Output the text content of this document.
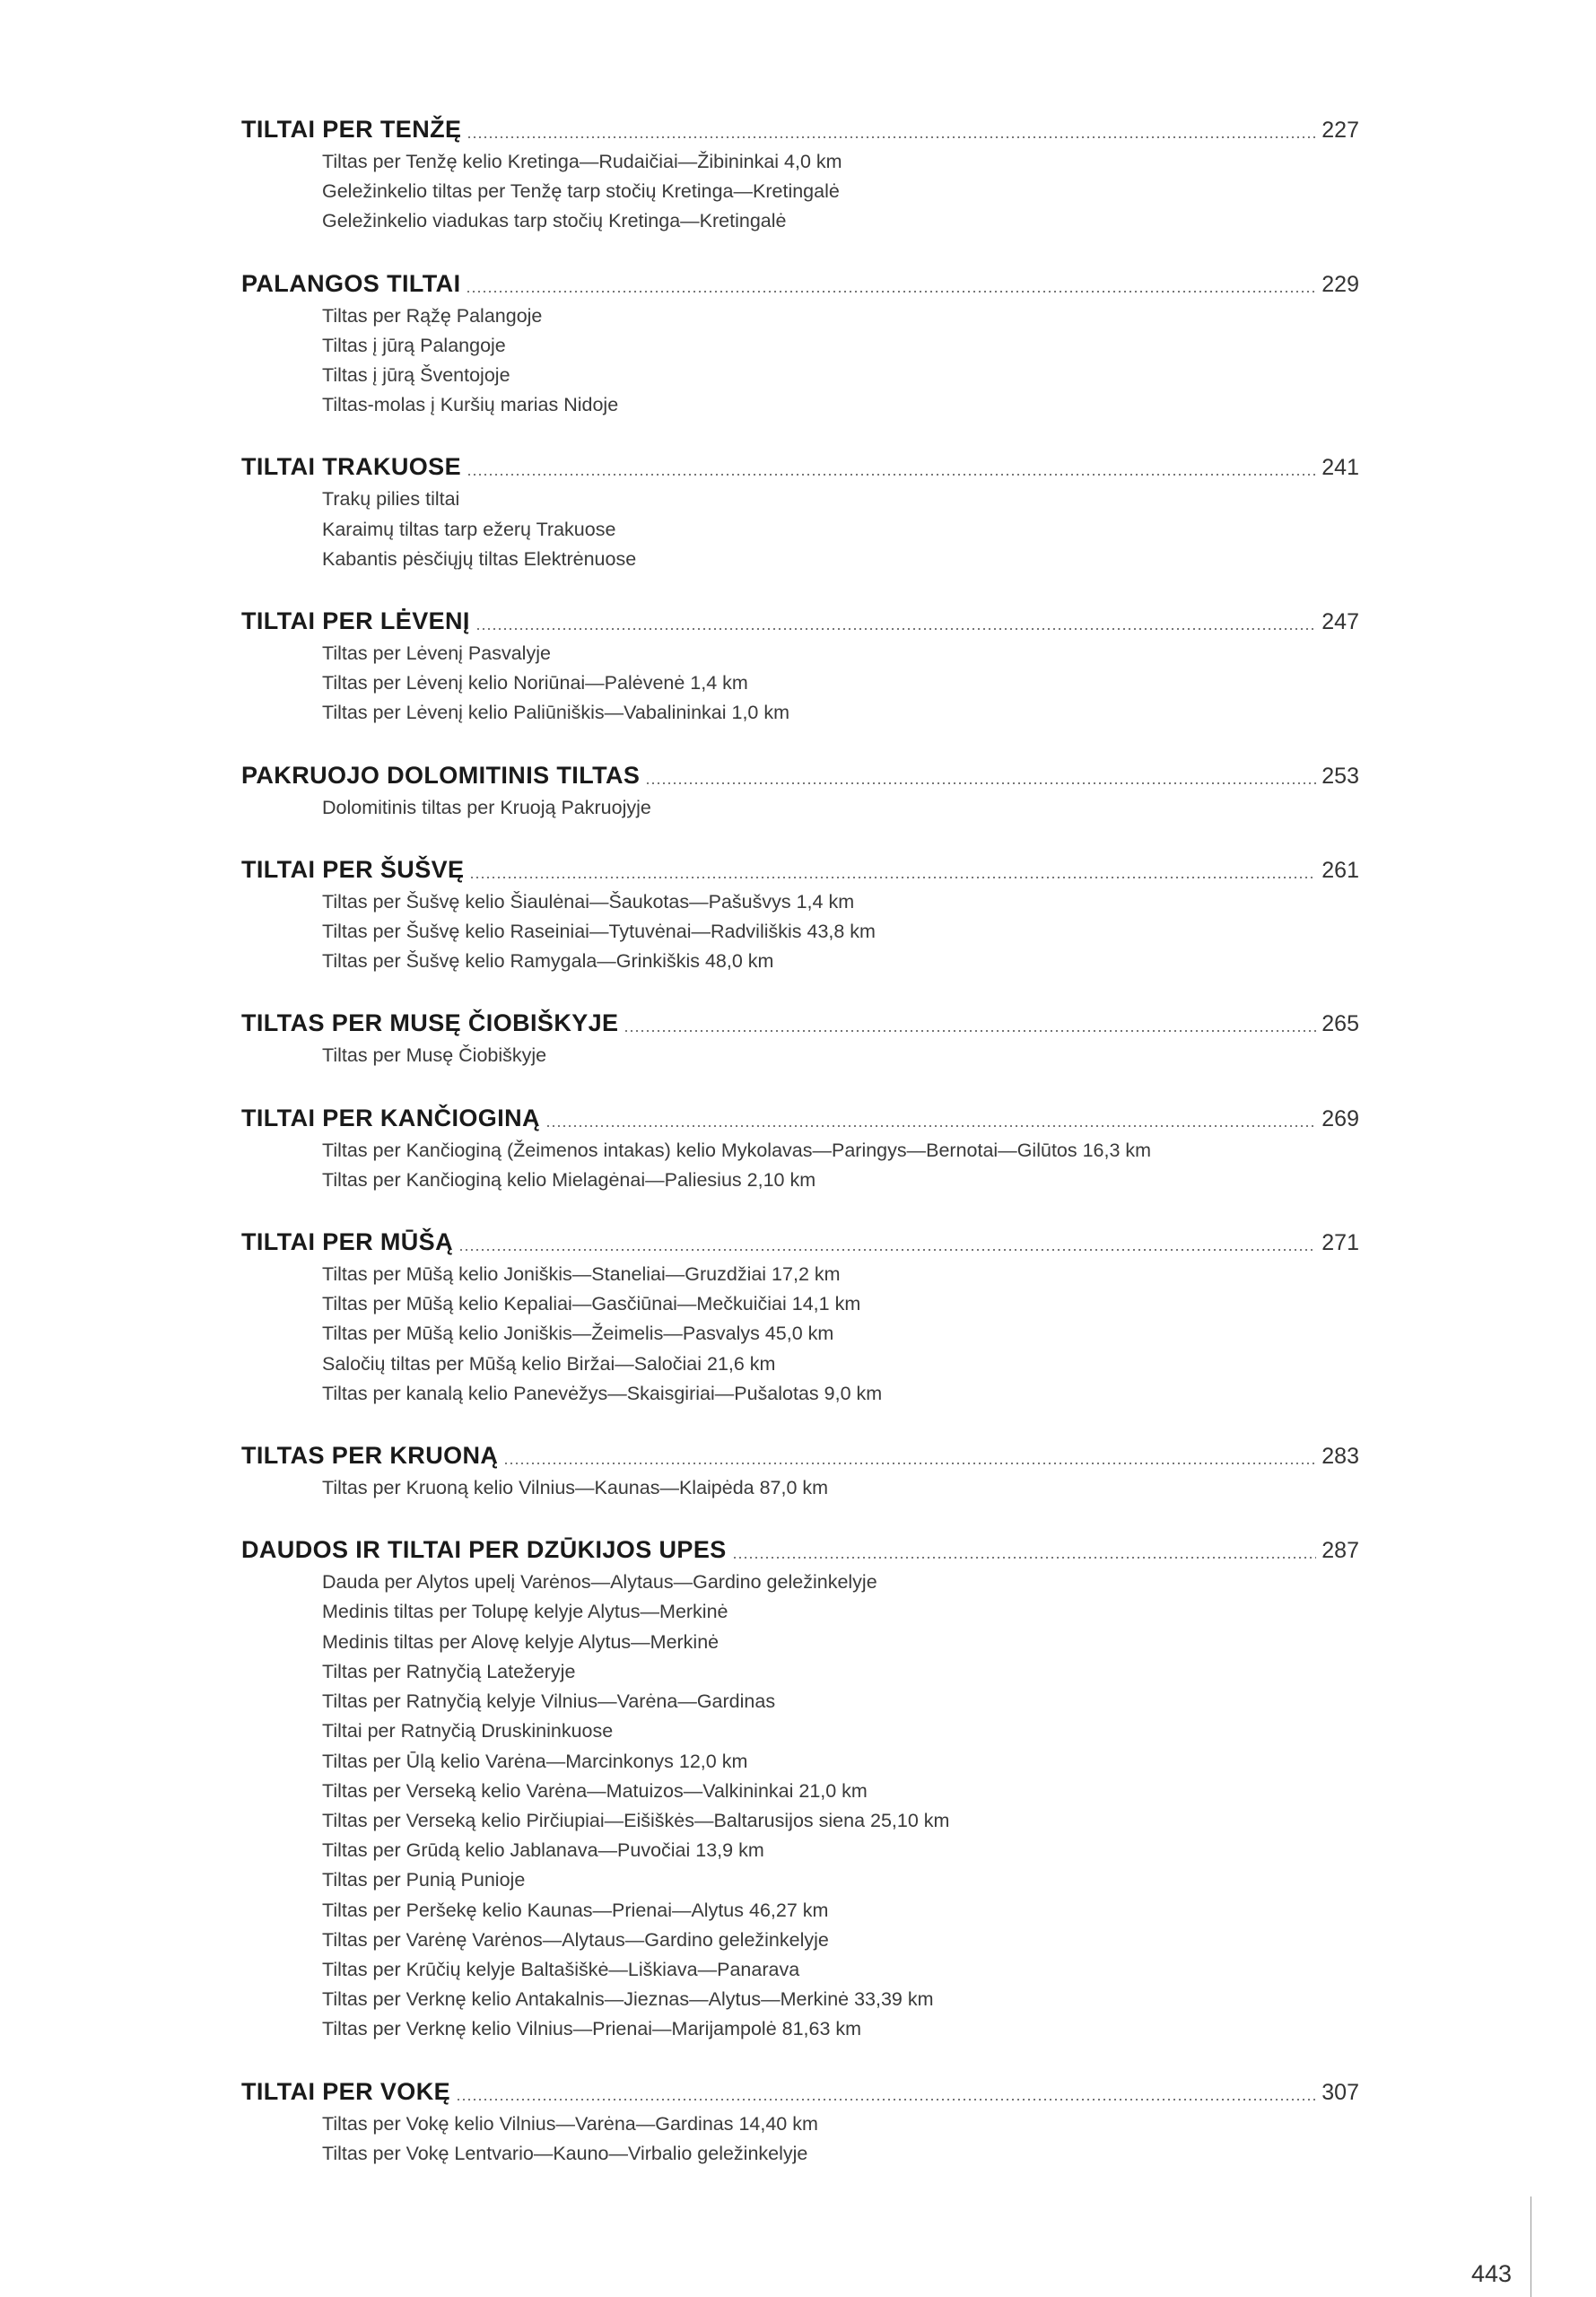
TILTAI PER TENŽĘ	227
Tiltas per Tenžę kelio Kretinga—Rudaičiai—Žibininkai 4,0 km
Geležinkelio tiltas per Tenžę tarp stočių Kretinga—Kretingalė
Geležinkelio viadukas tarp stočių Kretinga—Kretingalė
PALANGOS TILTAI	229
Tiltas per Rąžę Palangoje
Tiltas į jūrą Palangoje
Tiltas į jūrą Šventojoje
Tiltas-molas į Kuršių marias Nidoje
TILTAI TRAKUOSE	241
Trakų pilies tiltai
Karaimų tiltas tarp ežerų Trakuose
Kabantis pėsčiųjų tiltas Elektrėnuose
TILTAI PER LĖVENĮ	247
Tiltas per Lėvenį Pasvalyje
Tiltas per Lėvenį kelio Noriūnai—Palėvenė 1,4 km
Tiltas per Lėvenį kelio Paliūniškis—Vabalininkai 1,0 km
PAKRUOJO DOLOMITINIS TILTAS	253
Dolomitinis tiltas per Kruoją Pakruojyje
TILTAI PER ŠUŠVĘ	261
Tiltas per Šušvę kelio Šiaulėnai—Šaukotas—Pašušvys 1,4 km
Tiltas per Šušvę kelio Raseiniai—Tytuvėnai—Radviliškis 43,8 km
Tiltas per Šušvę kelio Ramygala—Grinkiškis 48,0 km
TILTAS PER MUSĘ ČIOBIŠKYJE	265
Tiltas per Musę Čiobiškyje
TILTAI PER KANČIOGINĄ	269
Tiltas per Kančioginą (Žeimenos intakas) kelio Mykolavas—Paringys—Bernotai—Gilūtos 16,3 km
Tiltas per Kančioginą kelio Mielagėnai—Paliesius 2,10 km
TILTAI PER MŪŠĄ	271
Tiltas per Mūšą kelio Joniškis—Staneliai—Gruzdžiai 17,2 km
Tiltas per Mūšą kelio Kepaliai—Gasčiūnai—Mečkuičiai 14,1 km
Tiltas per Mūšą kelio Joniškis—Žeimelis—Pasvalys 45,0 km
Saločių tiltas per Mūšą kelio Biržai—Saločiai 21,6 km
Tiltas per kanalą kelio Panevėžys—Skaisgiriai—Pušalotas 9,0 km
TILTAS PER KRUONĄ	283
Tiltas per Kruoną kelio Vilnius—Kaunas—Klaipėda 87,0 km
DAUDOS IR TILTAI PER DZŪKIJOS UPES	287
Dauda per Alytos upelį Varėnos—Alytaus—Gardino geležinkelyje
Medinis tiltas per Tolupę kelyje Alytus—Merkinė
Medinis tiltas per Alovę kelyje Alytus—Merkinė
Tiltas per Ratnyčią Latežeryje
Tiltas per Ratnyčią kelyje Vilnius—Varėna—Gardinas
Tiltai per Ratnyčią Druskininkuose
Tiltas per Ūlą kelio Varėna—Marcinkonys 12,0 km
Tiltas per Verseką kelio Varėna—Matuizos—Valkininkai 21,0 km
Tiltas per Verseką kelio Pirčiupiai—Eišiškės—Baltarusijos siena 25,10 km
Tiltas per Grūdą kelio Jablanava—Puvočiai 13,9 km
Tiltas per Punią Punioje
Tiltas per Peršekę kelio Kaunas—Prienai—Alytus 46,27 km
Tiltas per Varėnę Varėnos—Alytaus—Gardino geležinkelyje
Tiltas per Krūčių kelyje Baltašiškė—Liškiava—Panarava
Tiltas per Verknę kelio Antakalnis—Jieznas—Alytus—Merkinė 33,39 km
Tiltas per Verknę kelio Vilnius—Prienai—Marijampolė 81,63 km
TILTAI PER VOKĘ	307
Tiltas per Vokę kelio Vilnius—Varėna—Gardinas 14,40 km
Tiltas per Vokę Lentvario—Kauno—Virbalio geležinkelyje
443
